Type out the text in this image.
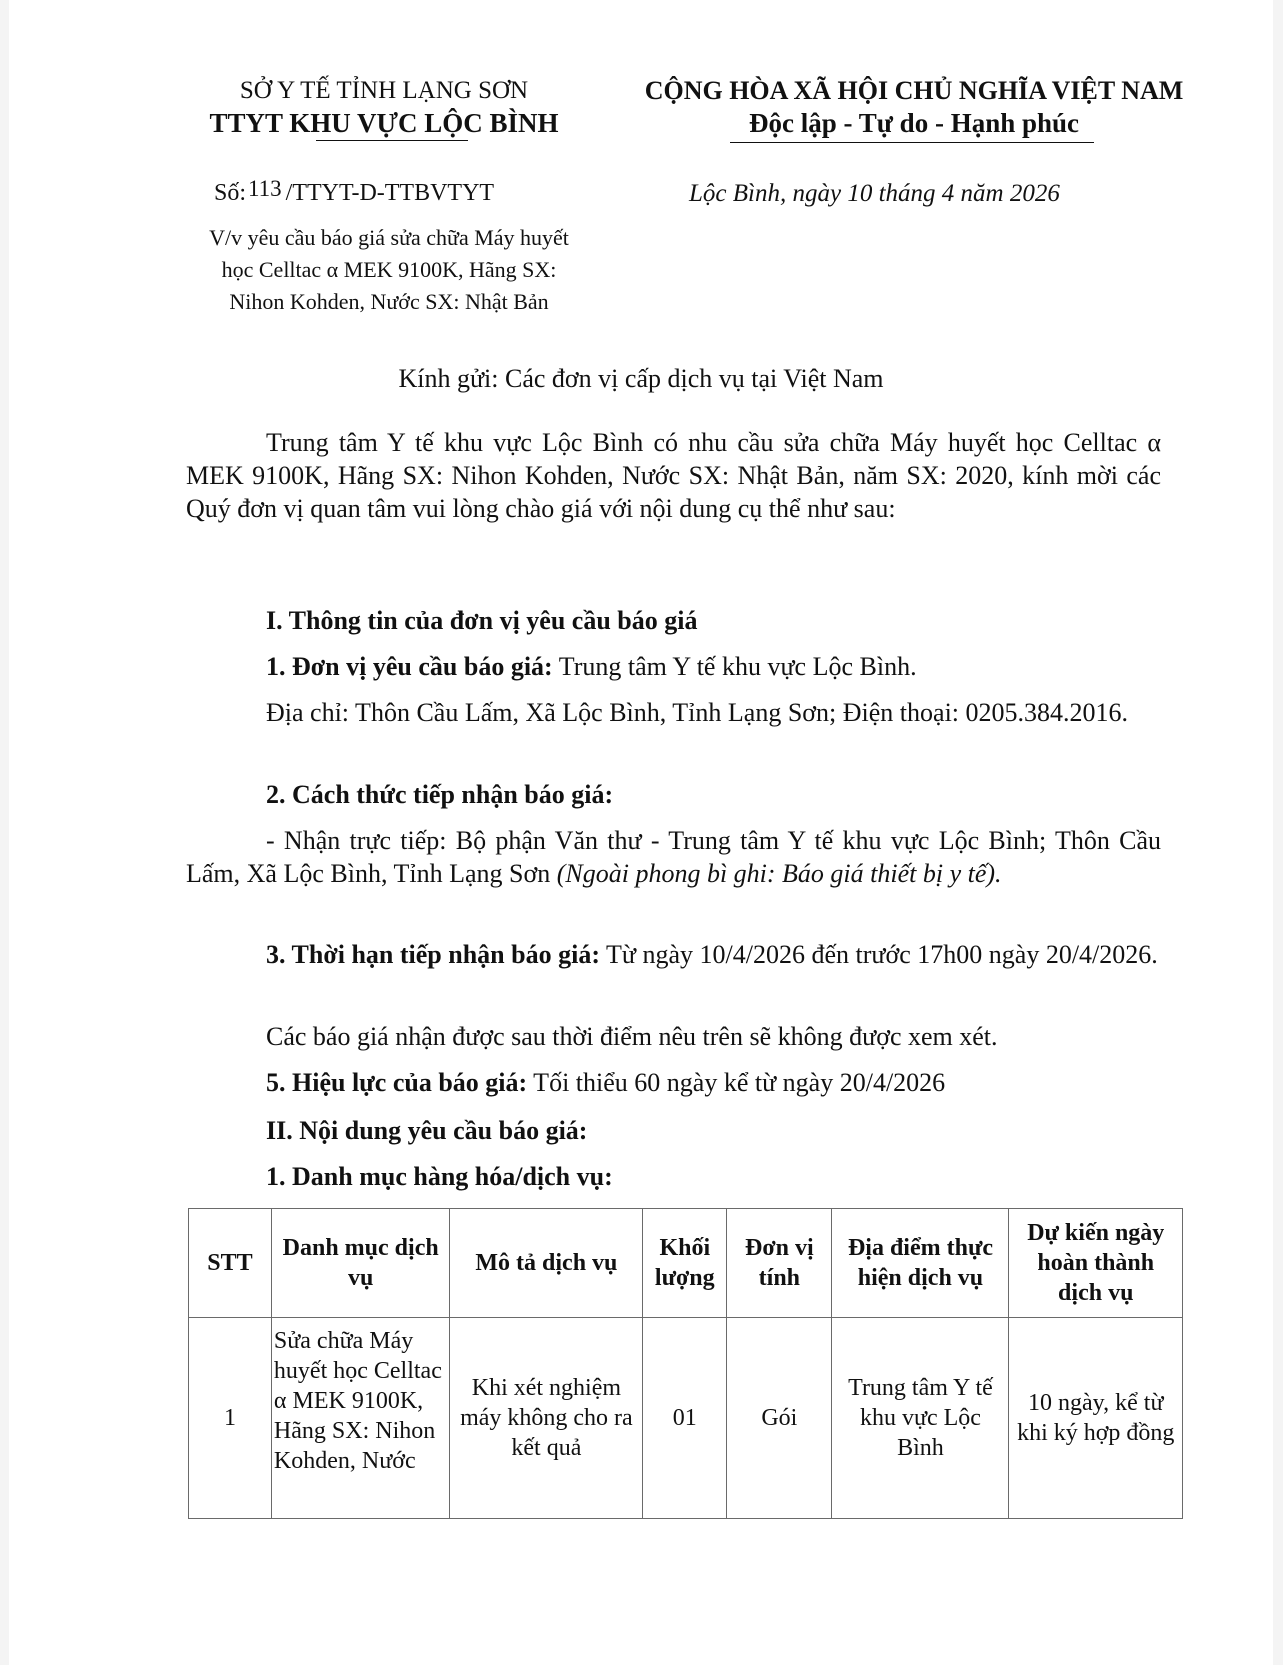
SỞ Y TẾ TỈNH LẠNG SƠN
TTYT KHU VỰC LỘC BÌNH
CỘNG HÒA XÃ HỘI CHỦ NGHĨA VIỆT NAM
Độc lập - Tự do - Hạnh phúc
Số:113 /TTYT-D-TTBVTYT	Lộc Bình, ngày 10 tháng 4 năm 2026
V/v yêu cầu báo giá sửa chữa Máy huyết
học Celltac α MEK 9100K, Hãng SX:
Nihon Kohden, Nước SX: Nhật Bản
Kính gửi: Các đơn vị cấp dịch vụ tại Việt Nam
Trung tâm Y tế khu vực Lộc Bình có nhu cầu sửa chữa Máy huyết học Celltac α MEK 9100K, Hãng SX: Nihon Kohden, Nước SX: Nhật Bản, năm SX: 2020, kính mời các Quý đơn vị quan tâm vui lòng chào giá với nội dung cụ thể như sau:
I. Thông tin của đơn vị yêu cầu báo giá
1. Đơn vị yêu cầu báo giá: Trung tâm Y tế khu vực Lộc Bình.
Địa chỉ: Thôn Cầu Lấm, Xã Lộc Bình, Tỉnh Lạng Sơn; Điện thoại: 0205.384.2016.
2. Cách thức tiếp nhận báo giá:
- Nhận trực tiếp: Bộ phận Văn thư - Trung tâm Y tế khu vực Lộc Bình; Thôn Cầu Lấm, Xã Lộc Bình, Tỉnh Lạng Sơn (Ngoài phong bì ghi: Báo giá thiết bị y tế).
3. Thời hạn tiếp nhận báo giá: Từ ngày 10/4/2026 đến trước 17h00 ngày 20/4/2026.
Các báo giá nhận được sau thời điểm nêu trên sẽ không được xem xét.
5. Hiệu lực của báo giá: Tối thiểu 60 ngày kể từ ngày 20/4/2026
II. Nội dung yêu cầu báo giá:
1. Danh mục hàng hóa/dịch vụ:
STT	Danh mục dịch vụ	Mô tả dịch vụ	Khối lượng	Đơn vị tính	Địa điểm thực hiện dịch vụ	Dự kiến ngày hoàn thành dịch vụ
1	Sửa chữa Máy huyết học Celltac α MEK 9100K, Hãng SX: Nihon Kohden, Nước	Khi xét nghiệm máy không cho ra kết quả	01	Gói	Trung tâm Y tế khu vực Lộc Bình	10 ngày, kể từ khi ký hợp đồng
